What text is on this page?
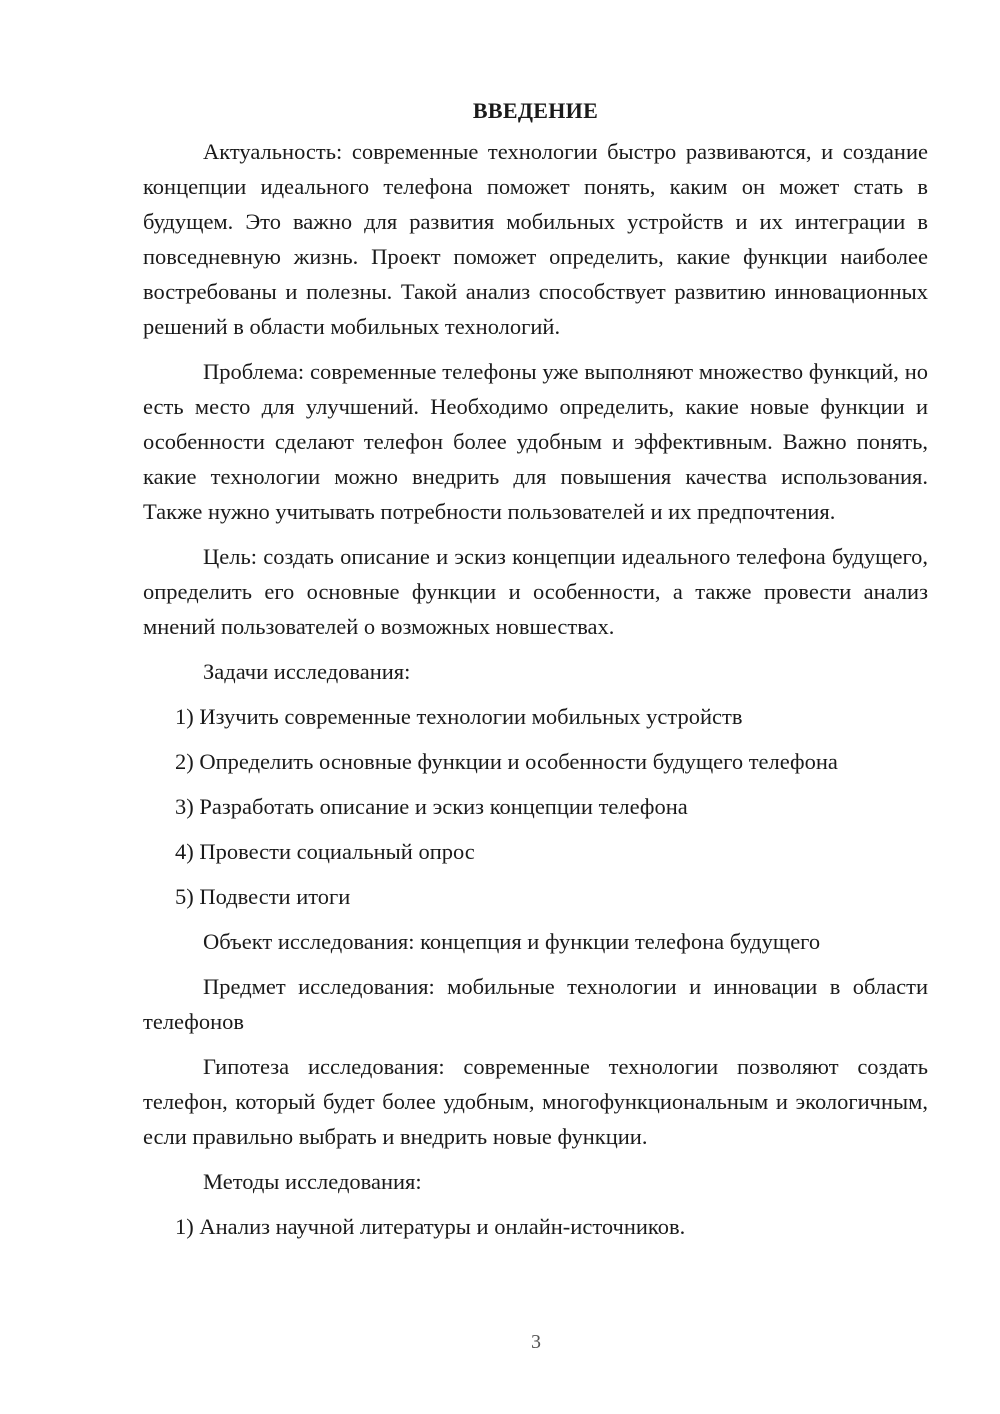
ВВЕДЕНИЕ

Актуальность: современные технологии быстро развиваются, и создание концепции идеального телефона поможет понять, каким он может стать в будущем. Это важно для развития мобильных устройств и их интеграции в повседневную жизнь. Проект поможет определить, какие функции наиболее востребованы и полезны. Такой анализ способствует развитию инновационных решений в области мобильных технологий.

Проблема: современные телефоны уже выполняют множество функций, но есть место для улучшений. Необходимо определить, какие новые функции и особенности сделают телефон более удобным и эффективным. Важно понять, какие технологии можно внедрить для повышения качества использования. Также нужно учитывать потребности пользователей и их предпочтения.

Цель: создать описание и эскиз концепции идеального телефона будущего, определить его основные функции и особенности, а также провести анализ мнений пользователей о возможных новшествах.

Задачи исследования:

1) Изучить современные технологии мобильных устройств
2) Определить основные функции и особенности будущего телефона
3) Разработать описание и эскиз концепции телефона
4) Провести социальный опрос
5) Подвести итоги

Объект исследования: концепция и функции телефона будущего

Предмет исследования: мобильные технологии и инновации в области телефонов

Гипотеза исследования: современные технологии позволяют создать телефон, который будет более удобным, многофункциональным и экологичным, если правильно выбрать и внедрить новые функции.

Методы исследования:

1) Анализ научной литературы и онлайн-источников.
3
